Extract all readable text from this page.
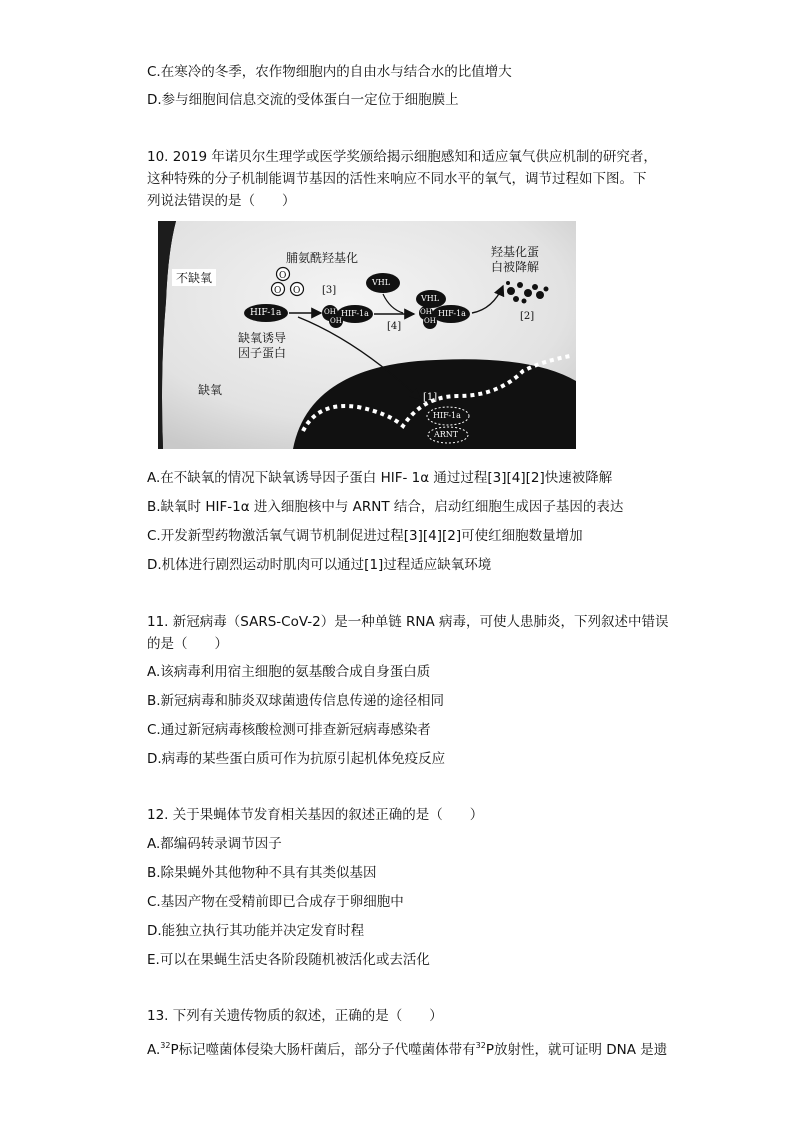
C.在寒冷的冬季，农作物细胞内的自由水与结合水的比值增大
D.参与细胞间信息交流的受体蛋白一定位于细胞膜上
10. 2019 年诺贝尔生理学或医学奖颁给揭示细胞感知和适应氧气供应机制的研究者，
这种特殊的分子机制能调节基因的活性来响应不同水平的氧气，调节过程如下图。下
列说法错误的是（　　）
不缺氧
脯氨酰羟基化	羟基化蛋
白被降解
缺氧诱导
因子蛋白
缺氧
[3]
[4]
[2]
[1]
O
O O
HIF-1a	OH
OH
HIF-1a
VHL
VHL
OH
OH
HIF-1a
HIF-1a
ARNT
A.在不缺氧的情况下缺氧诱导因子蛋白 HIF- 1α 通过过程[3][4][2]快速被降解
B.缺氧时 HIF-1α 进入细胞核中与 ARNT 结合，启动红细胞生成因子基因的表达
C.开发新型药物激活氧气调节机制促进过程[3][4][2]可使红细胞数量增加
D.机体进行剧烈运动时肌肉可以通过[1]过程适应缺氧环境
11. 新冠病毒（SARS-CoV-2）是一种单链 RNA 病毒，可使人患肺炎，下列叙述中错误
的是（　　）
A.该病毒利用宿主细胞的氨基酸合成自身蛋白质
B.新冠病毒和肺炎双球菌遗传信息传递的途径相同
C.通过新冠病毒核酸检测可排查新冠病毒感染者
D.病毒的某些蛋白质可作为抗原引起机体免疫反应
12. 关于果蝇体节发育相关基因的叙述正确的是（　　）
A.都编码转录调节因子
B.除果蝇外其他物种不具有其类似基因
C.基因产物在受精前即已合成存于卵细胞中
D.能独立执行其功能并决定发育时程
E.可以在果蝇生活史各阶段随机被活化或去活化
13. 下列有关遗传物质的叙述，正确的是（　　）
A.$^{32}$P标记噬菌体侵染大肠杆菌后，部分子代噬菌体带有$^{32}$P放射性，就可证明 DNA 是遗
